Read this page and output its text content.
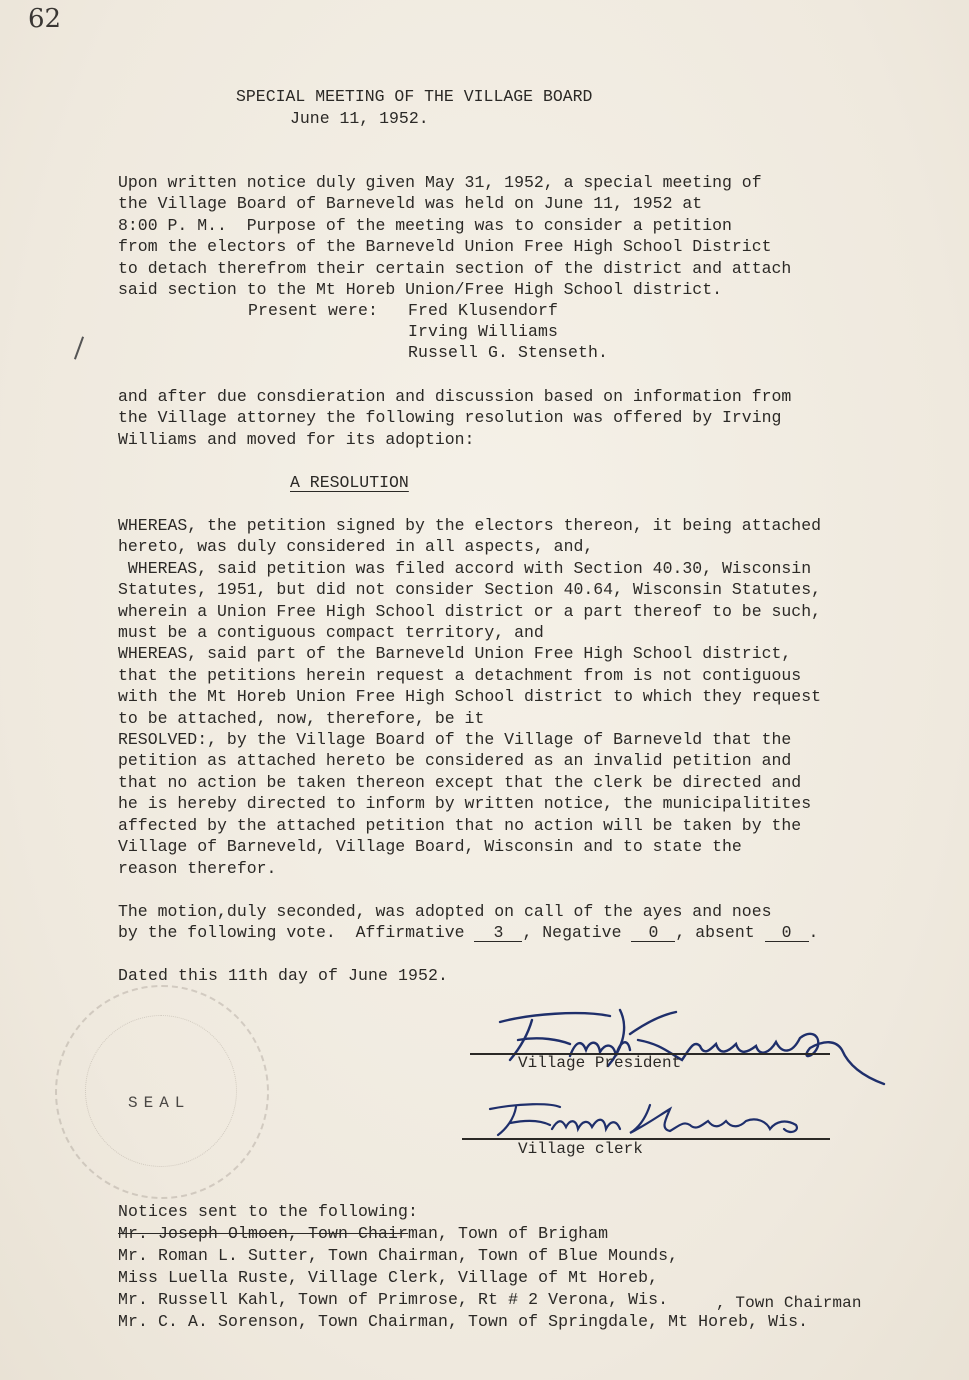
62
SPECIAL MEETING OF THE VILLAGE BOARD
June 11, 1952.
Upon written notice duly given May 31, 1952, a special meeting of
the Village Board of Barneveld was held on June 11, 1952 at
8:00 P. M..  Purpose of the meeting was to consider a petition
from the electors of the Barneveld Union Free High School District
to detach therefrom their certain section of the district and attach
said section to the Mt Horeb Union/Free High School district.
Present were: Fred Klusendorf
Irving Williams
Russell G. Stenseth.
and after due consdieration and discussion based on information from
the Village attorney the following resolution was offered by Irving
Williams and moved for its adoption:
A RESOLUTION
WHEREAS, the petition signed by the electors thereon, it being attached
hereto, was duly considered in all aspects, and,
WHEREAS, said petition was filed accord with Section 40.30, Wisconsin
Statutes, 1951, but did not consider Section 40.64, Wisconsin Statutes,
wherein a Union Free High School district or a part thereof to be such,
must be a contiguous compact territory, and
WHEREAS, said part of the Barneveld Union Free High School district,
that the petitions herein request a detachment from is not contiguous
with the Mt Horeb Union Free High School district to which they request
to be attached, now, therefore, be it
RESOLVED:, by the Village Board of the Village of Barneveld that the
petition as attached hereto be considered as an invalid petition and
that no action be taken thereon except that the clerk be directed and
he is hereby directed to inform by written notice, the municipalitites
affected by the attached petition that no action will be taken by the
Village of Barneveld, Village Board, Wisconsin and to state the
reason therefor.
The motion,duly seconded, was adopted on call of the ayes and noes
by the following vote.  Affirmative 3 , Negative 0 , absent 0 .
Dated this 11th day of June 1952.
SEAL
Village President
Village clerk
Notices sent to the following:
Mr. Joseph Olmoen, Town Chairman, Town of Brigham
Mr. Roman L. Sutter, Town Chairman, Town of Blue Mounds,
Miss Luella Ruste, Village Clerk, Village of Mt Horeb,
Mr. Russell Kahl, Town of Primrose, Rt # 2 Verona, Wis.	, Town Chairman
Mr. C. A. Sorenson, Town Chairman, Town of Springdale, Mt Horeb, Wis.
